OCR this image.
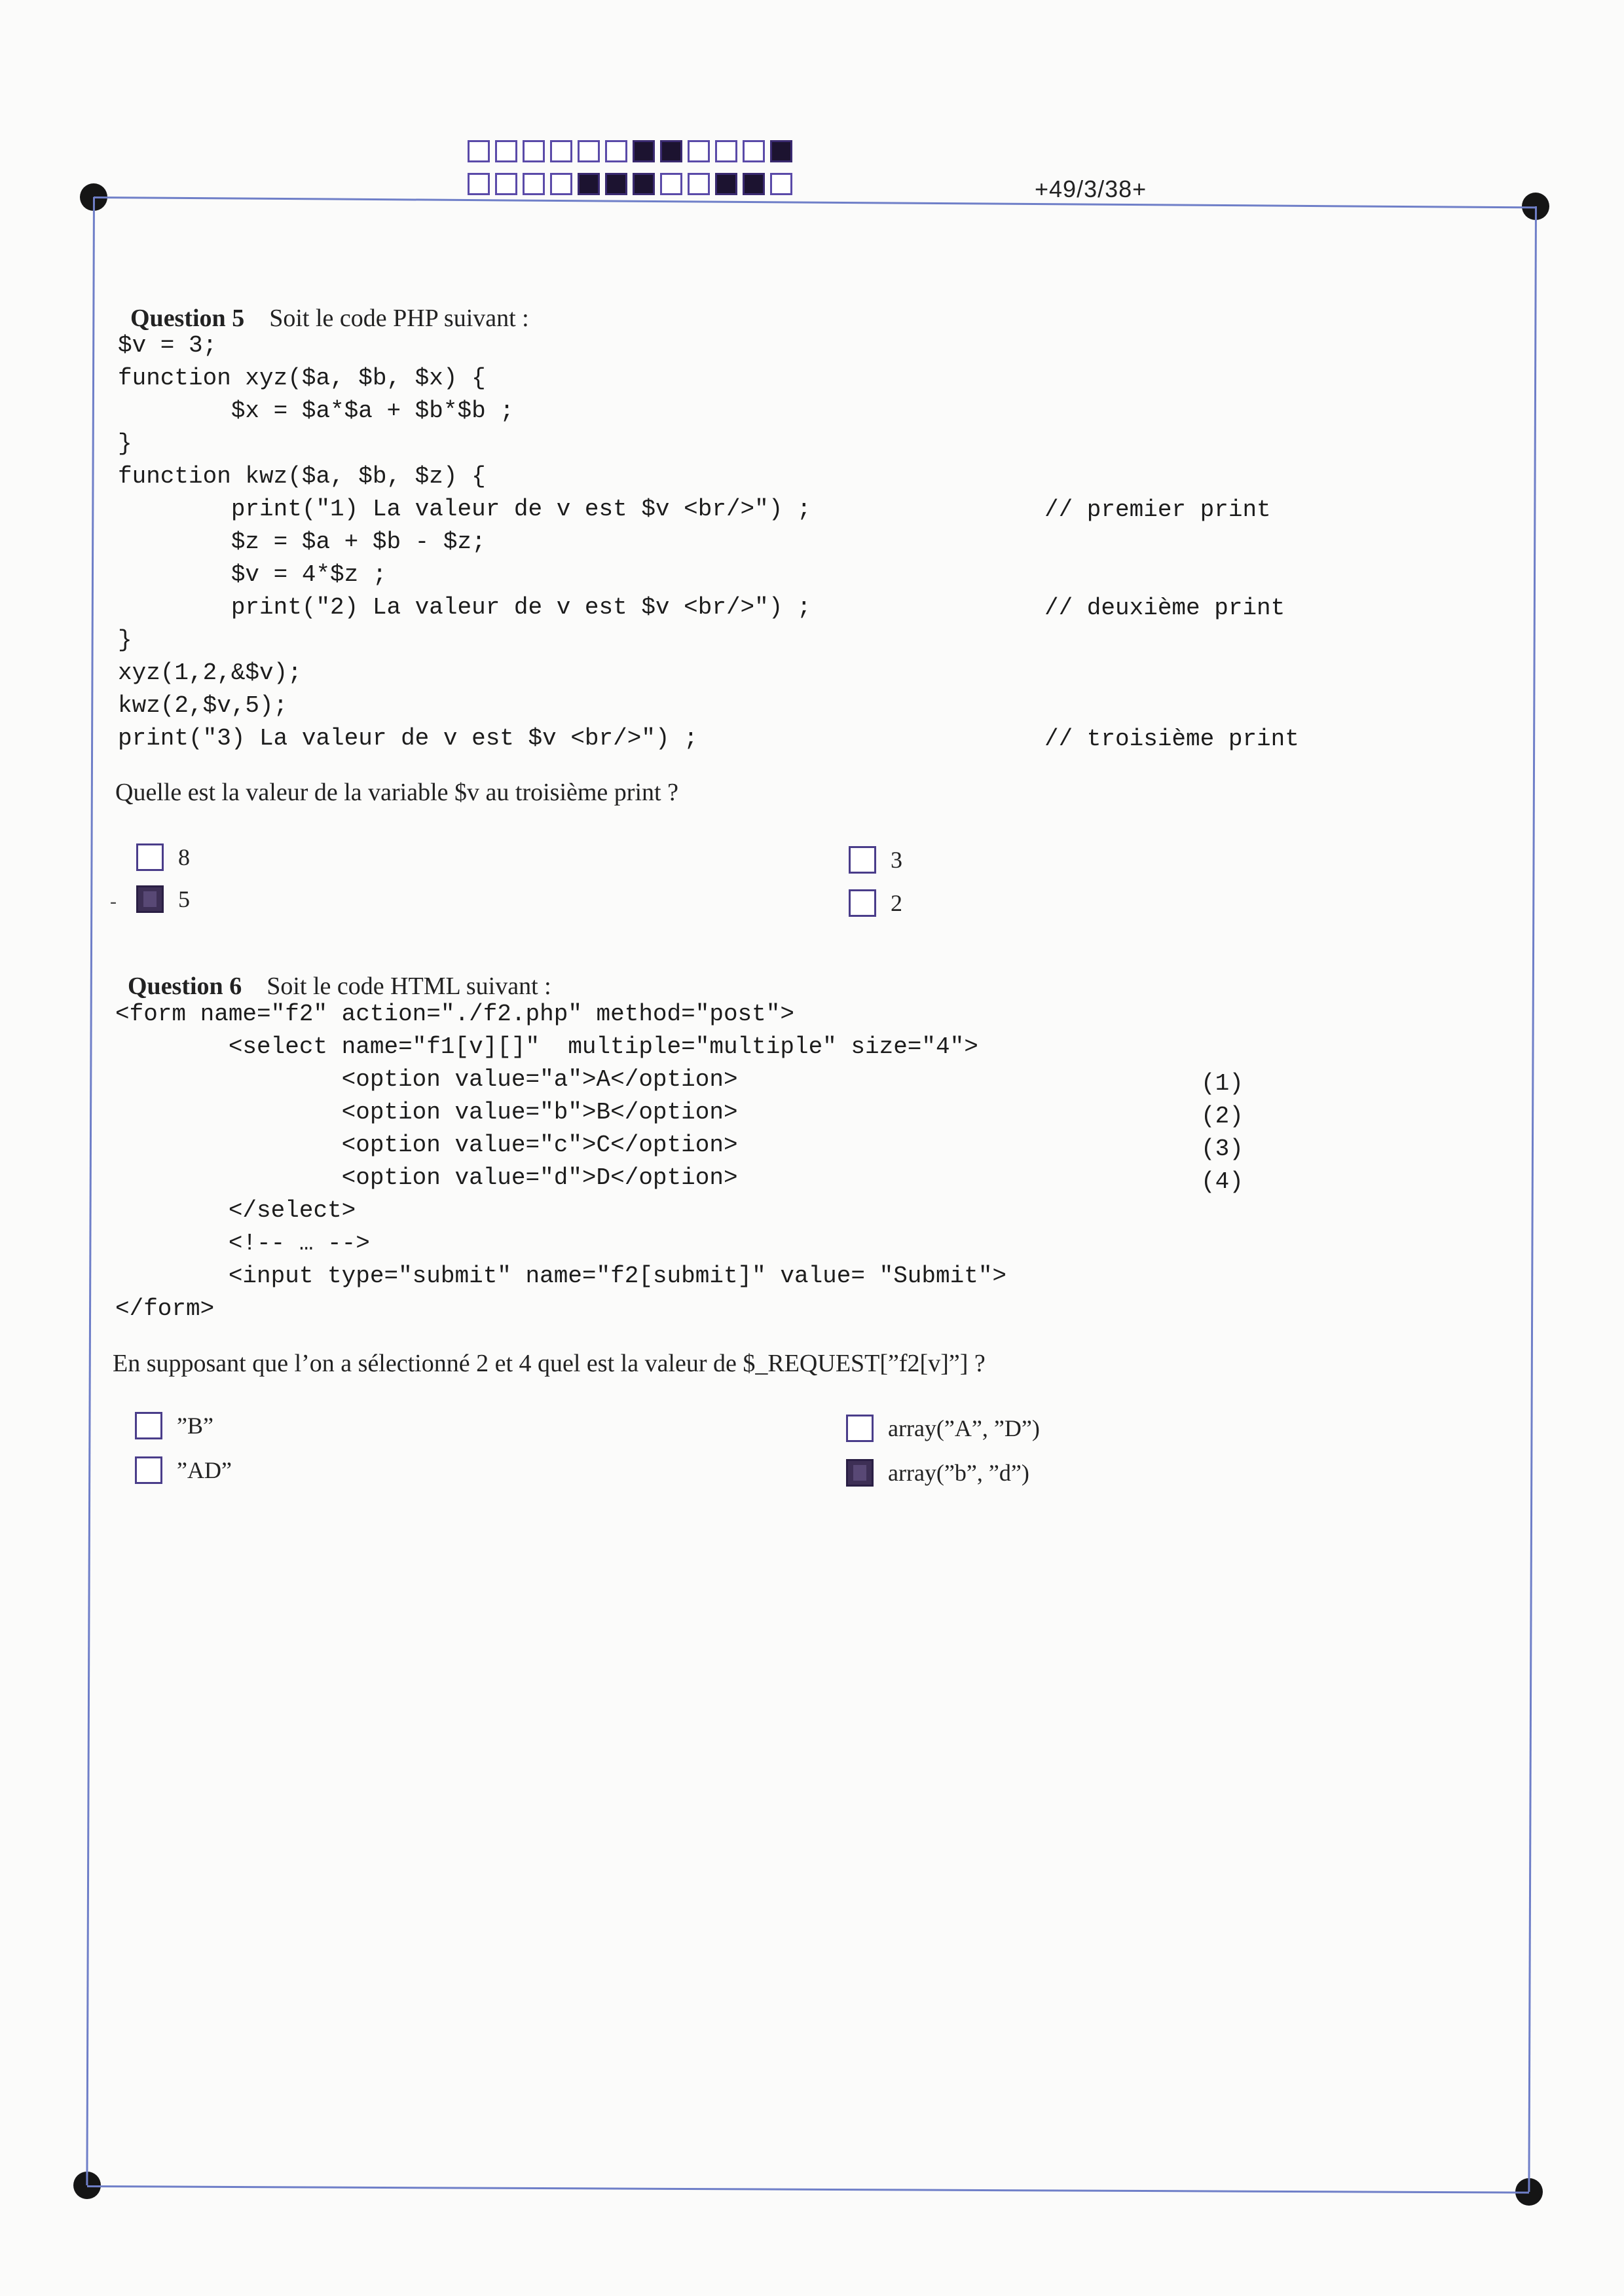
+49/3/38+

Question 5 Soit le code PHP suivant :

$v = 3;
function xyz($a, $b, $x) {
$x = $a*$a + $b*$b ;
}
function kwz($a, $b, $z) {
print("1) La valeur de v est $v <br/>") ;
$z = $a + $b - $z;
$v = 4*$z ;
print("2) La valeur de v est $v <br/>") ;
}
xyz(1,2,&$v);
kwz(2,$v,5);
print("3) La valeur de v est $v <br/>") ;
// premier print
// deuxième print
// troisième print
Quelle est la valeur de la variable $v au troisième print ?
8
5
-
3
2

Question 6 Soit le code HTML suivant :

<form name="f2" action="./f2.php" method="post">
<select name="f1[v][]"  multiple="multiple" size="4">
<option value="a">A</option>
<option value="b">B</option>
<option value="c">C</option>
<option value="d">D</option>
</select>
<!-- … -->
<input type="submit" name="f2[submit]" value= "Submit">
</form>
(1)
(2)
(3)
(4)
En supposant que l’on a sélectionné 2 et 4 quel est la valeur de $_REQUEST[”f2[v]”] ?
”B”
”AD”
array(”A”, ”D”)
array(”b”, ”d”)
